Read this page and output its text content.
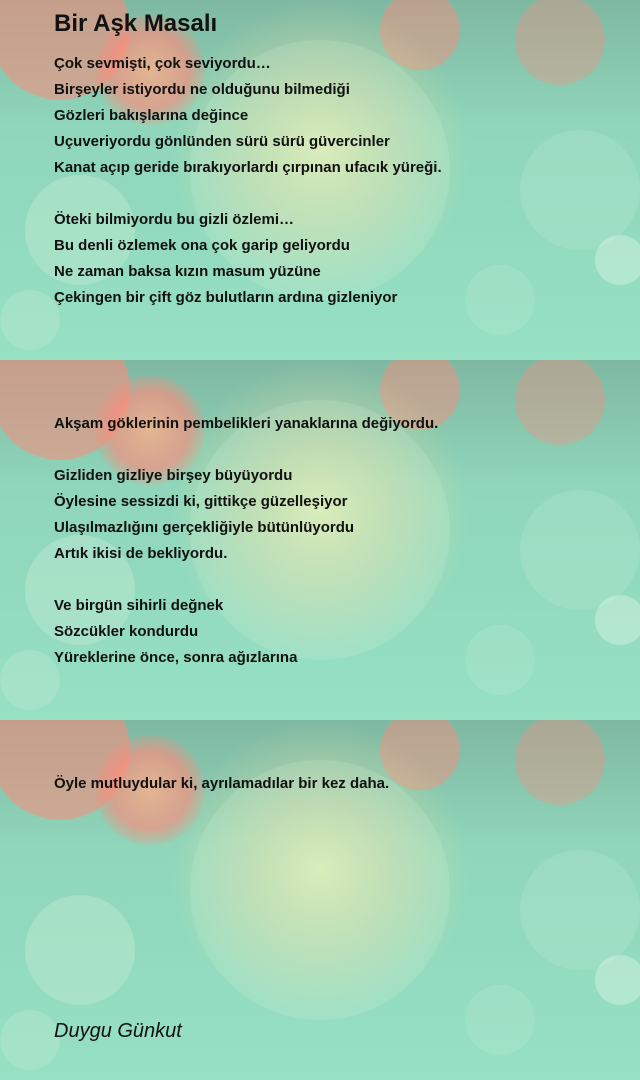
Bir Aşk Masalı
Çok sevmişti, çok seviyordu…
Birşeyler istiyordu ne olduğunu bilmediği
Gözleri bakışlarına değince
Uçuveriyordu gönlünden sürü sürü güvercinler
Kanat açıp geride bırakıyorlardı çırpınan ufacık yüreği.
Öteki bilmiyordu bu gizli özlemi…
Bu denli özlemek ona çok garip geliyordu
Ne zaman baksa kızın masum yüzüne
Çekingen bir çift göz bulutların ardına gizleniyor
Akşam göklerinin pembelikleri yanaklarına değiyordu.
Gizliden gizliye birşey büyüyordu
Öylesine sessizdi ki, gittikçe güzelleşiyor
Ulaşılmazlığını gerçekliğiyle bütünlüyordu
Artık ikisi de bekliyordu.
Ve birgün sihirli değnek
Sözcükler kondurdu
Yüreklerine önce, sonra ağızlarına
Öyle mutluydular ki, ayrılamadılar bir kez daha.
Duygu Günkut
